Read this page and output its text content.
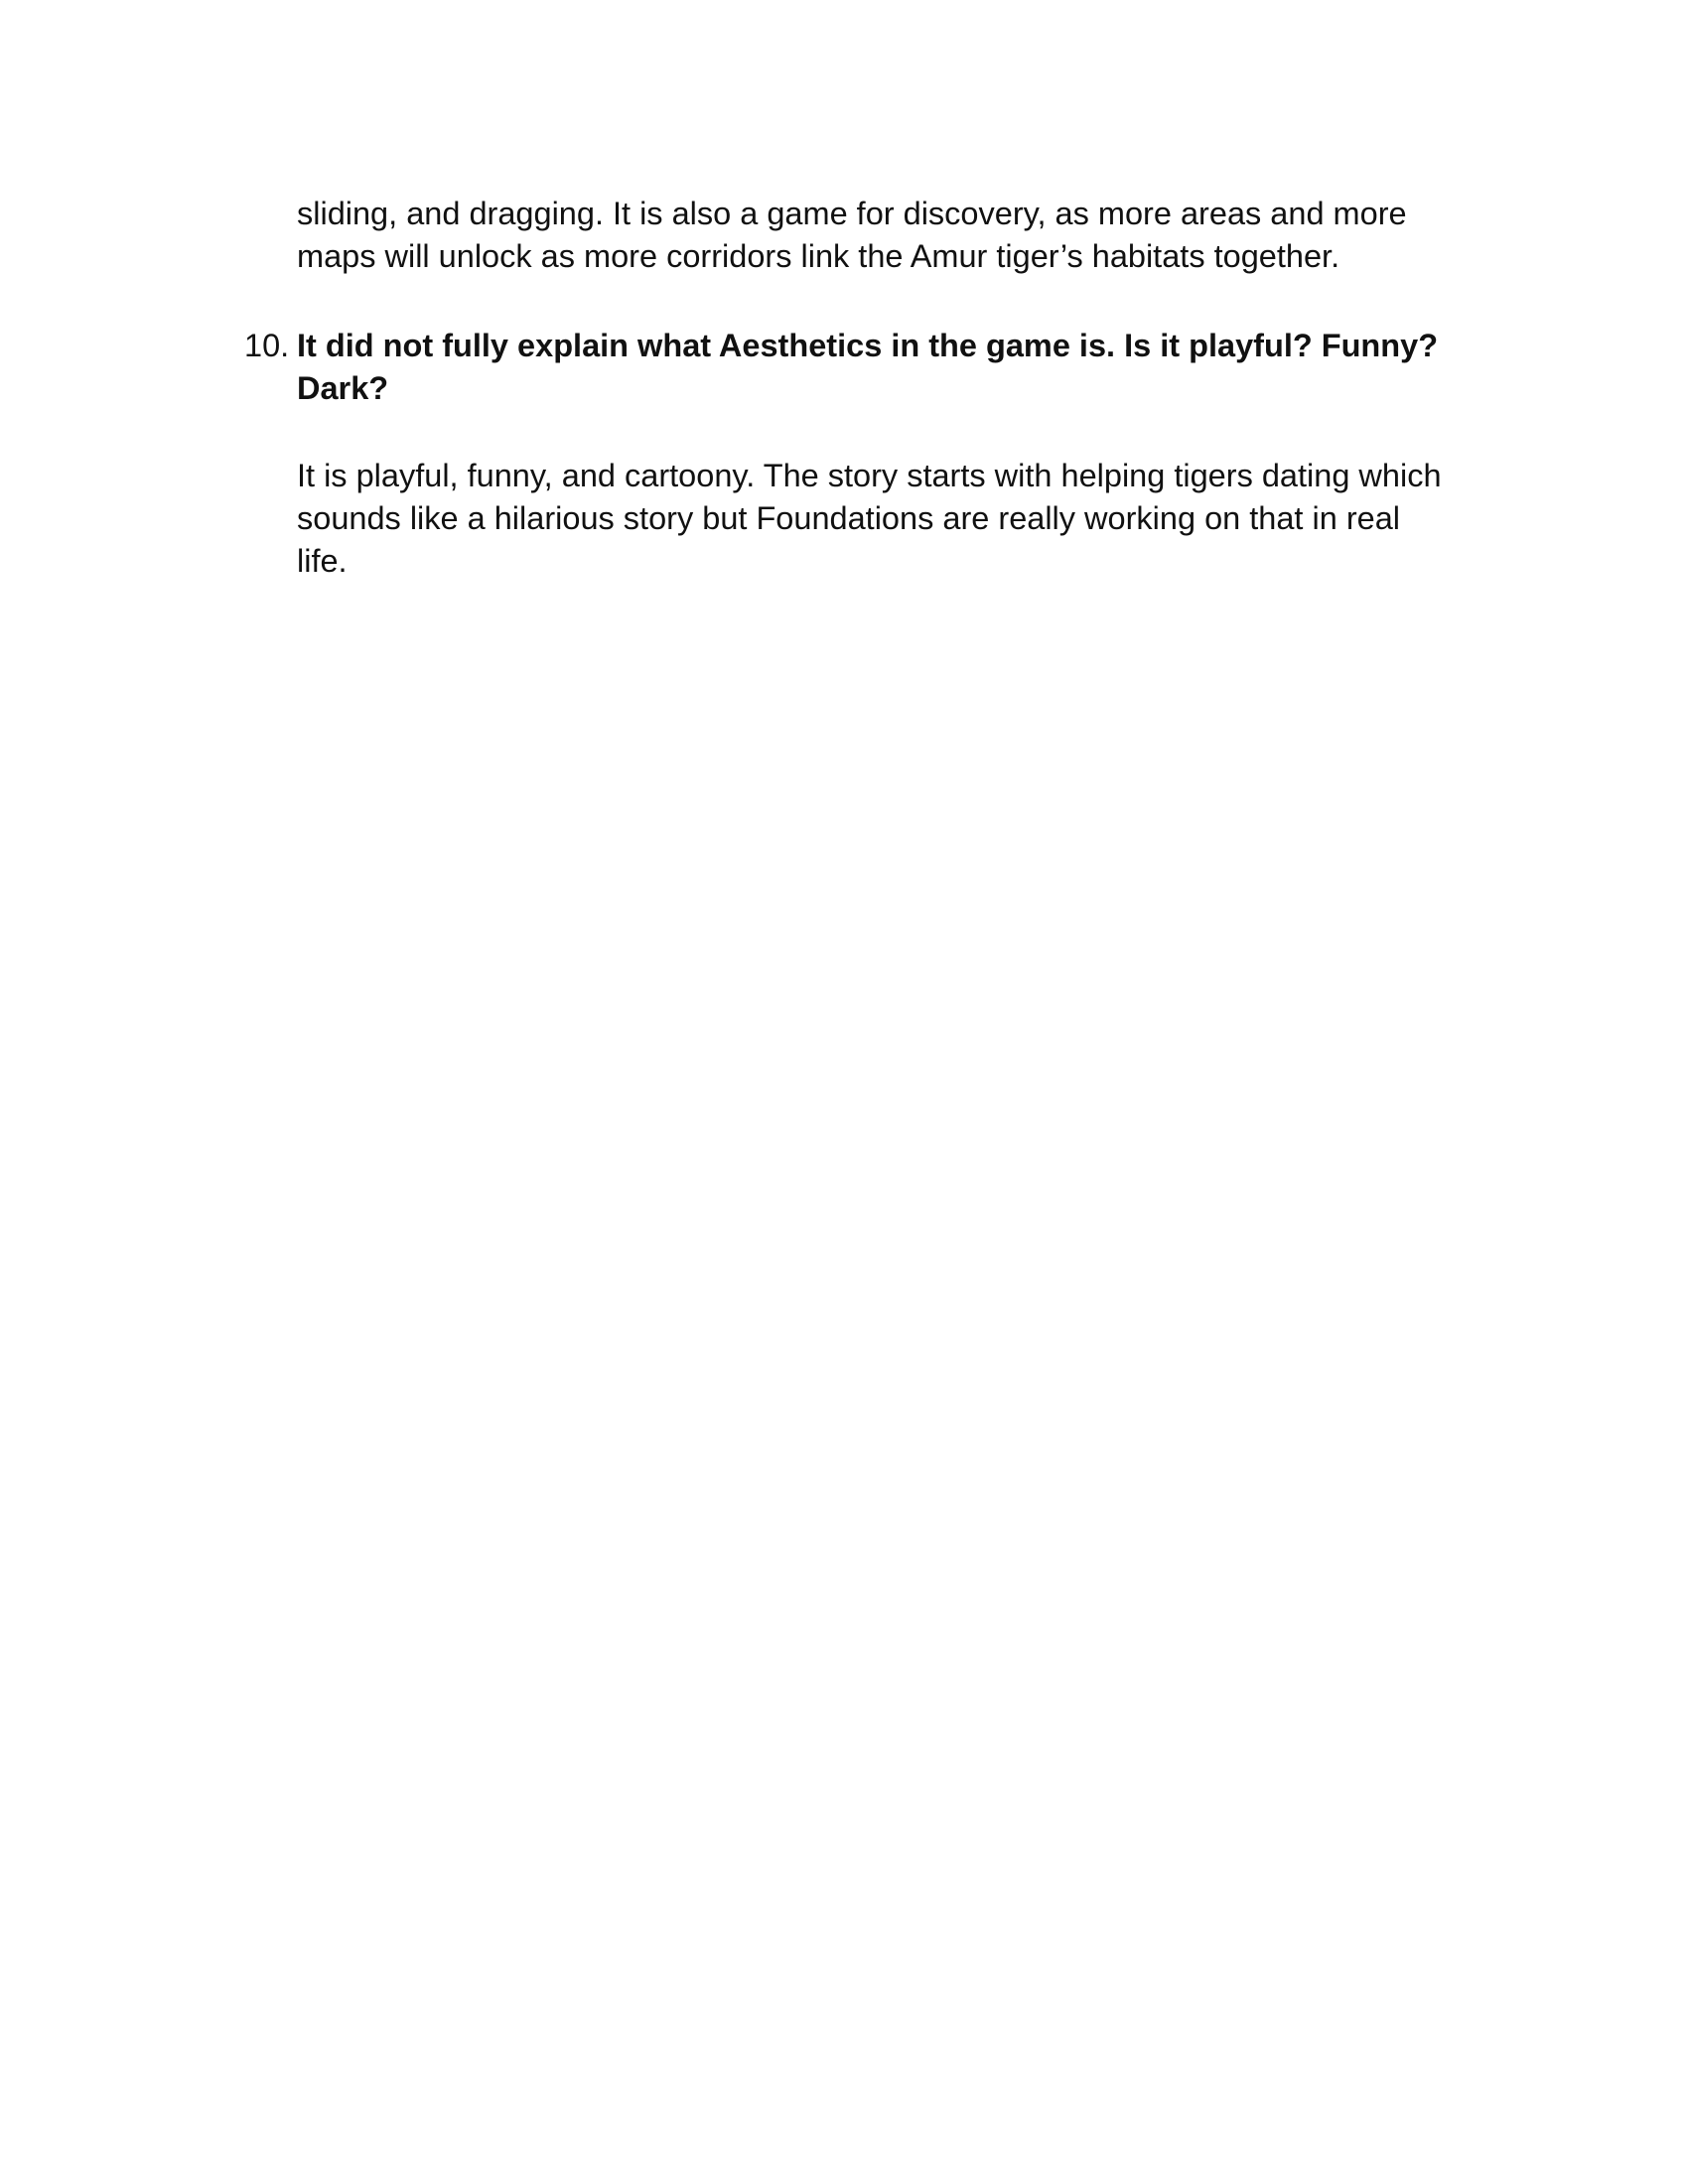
sliding, and dragging. It is also a game for discovery, as more areas and more
maps will unlock as more corridors link the Amur tiger’s habitats together.

10. It did not fully explain what Aesthetics in the game is. Is it playful? Funny?
Dark?

It is playful, funny, and cartoony. The story starts with helping tigers dating which
sounds like a hilarious story but Foundations are really working on that in real
life.
